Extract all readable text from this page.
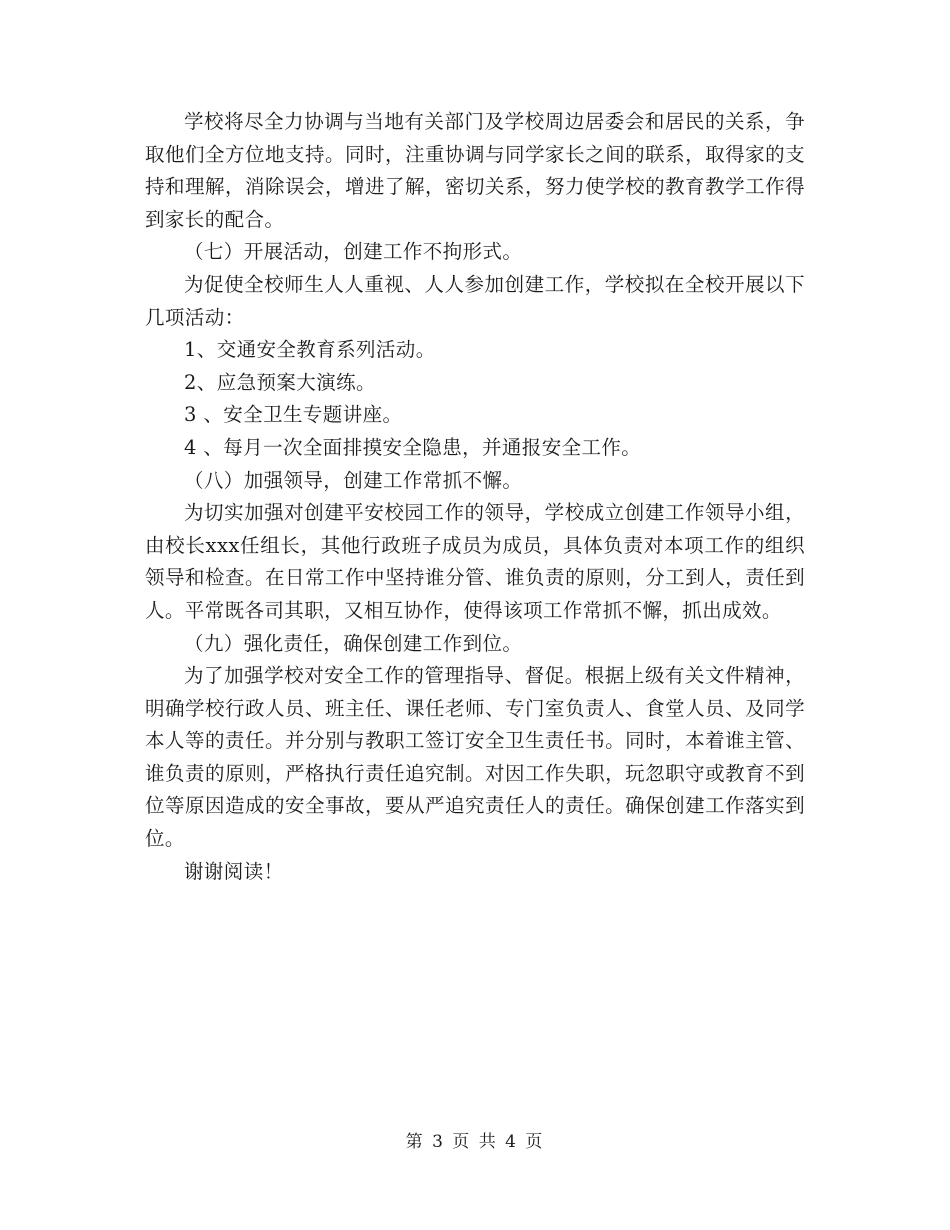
学校将尽全力协调与当地有关部门及学校周边居委会和居民的关系，争取他们全方位地支持。同时，注重协调与同学家长之间的联系，取得家的支持和理解，消除误会，增进了解，密切关系，努力使学校的教育教学工作得到家长的配合。

（七）开展活动，创建工作不拘形式。

为促使全校师生人人重视、人人参加创建工作，学校拟在全校开展以下几项活动：

1、交通安全教育系列活动。

2、应急预案大演练。

3 、安全卫生专题讲座。

4 、每月一次全面排摸安全隐患，并通报安全工作。

（八）加强领导，创建工作常抓不懈。

为切实加强对创建平安校园工作的领导，学校成立创建工作领导小组，由校长xxx任组长，其他行政班子成员为成员，具体负责对本项工作的组织领导和检查。在日常工作中坚持谁分管、谁负责的原则，分工到人，责任到人。平常既各司其职，又相互协作，使得该项工作常抓不懈，抓出成效。

（九）强化责任，确保创建工作到位。

为了加强学校对安全工作的管理指导、督促。根据上级有关文件精神，明确学校行政人员、班主任、课任老师、专门室负责人、食堂人员、及同学本人等的责任。并分别与教职工签订安全卫生责任书。同时，本着谁主管、谁负责的原则，严格执行责任追究制。对因工作失职，玩忽职守或教育不到位等原因造成的安全事故，要从严追究责任人的责任。确保创建工作落实到位。

谢谢阅读！

第 3 页 共 4 页
